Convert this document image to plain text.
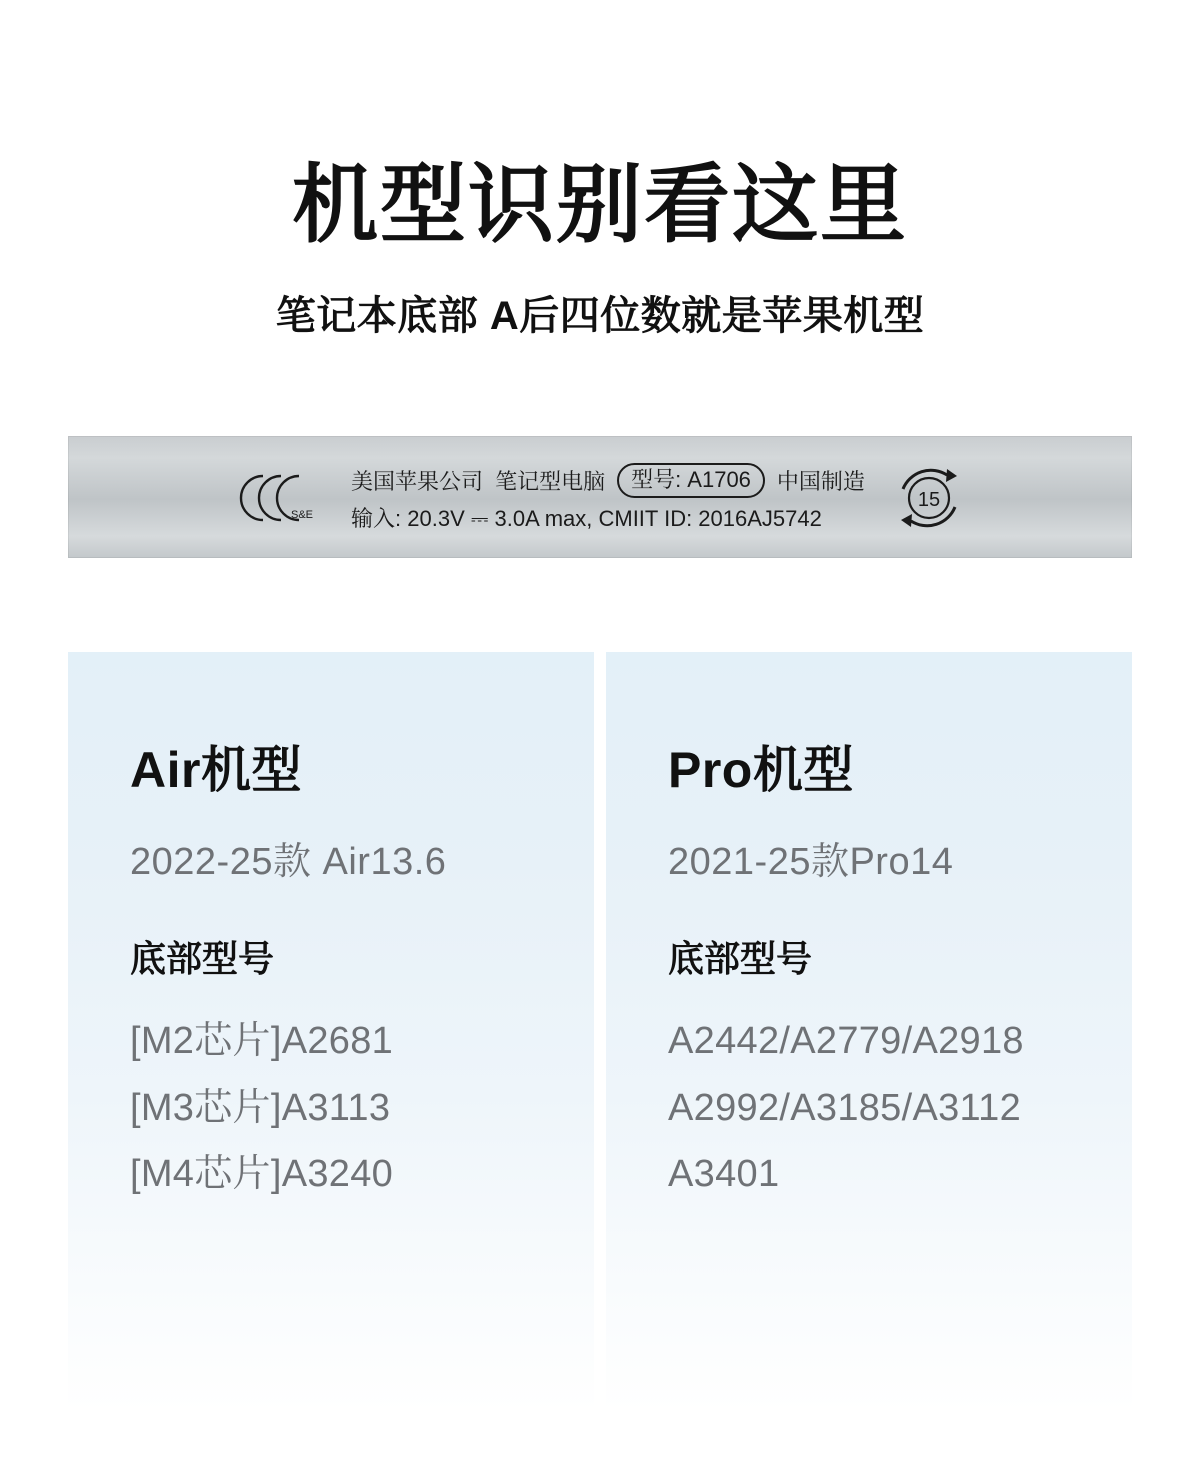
机型识别看这里

笔记本底部 A后四位数就是苹果机型

S&E
美国苹果公司 笔记型电脑	型号: A1706	中国制造
输入: 20.3V ⎓ 3.0A max, CMIIT ID: 2016AJ5742
15
Air机型

2022-25款 Air13.6

底部型号
[M2芯片]A2681
[M3芯片]A3113
[M4芯片]A3240
Pro机型

2021-25款Pro14

底部型号
A2442/A2779/A2918
A2992/A3185/A3112
A3401
